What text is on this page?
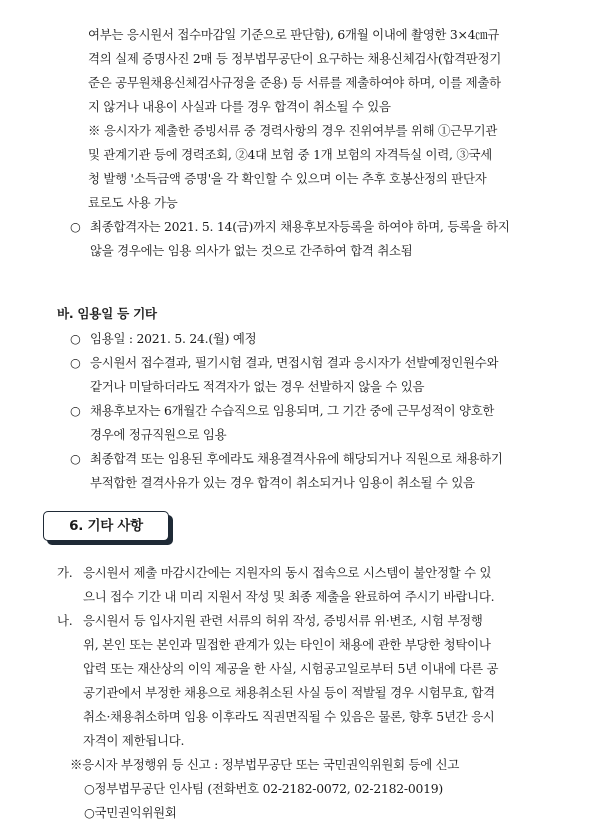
여부는 응시원서 접수마감일 기준으로 판단함), 6개월 이내에 촬영한 3×4㎝규
격의 실제 증명사진 2매 등 정부법무공단이 요구하는 채용신체검사(합격판정기
준은 공무원채용신체검사규정을 준용) 등 서류를 제출하여야 하며, 이를 제출하
지 않거나 내용이 사실과 다를 경우 합격이 취소될 수 있음
※ 응시자가 제출한 증빙서류 중 경력사항의 경우 진위여부를 위해 ①근무기관
및 관계기관 등에 경력조회, ②4대 보험 중 1개 보험의 자격득실 이력, ③국세
청 발행 '소득금액 증명'을 각 확인할 수 있으며 이는 추후 호봉산정의 판단자
료로도 사용 가능
○ 최종합격자는 2021. 5. 14(금)까지 채용후보자등록을 하여야 하며, 등록을 하지
않을 경우에는 임용 의사가 없는 것으로 간주하여 합격 취소됨
바. 임용일 등 기타
○ 임용일 : 2021. 5. 24.(월) 예정
○ 응시원서 접수결과, 필기시험 결과, 면접시험 결과 응시자가 선발예정인원수와
같거나 미달하더라도 적격자가 없는 경우 선발하지 않을 수 있음
○ 채용후보자는 6개월간 수습직으로 임용되며, 그 기간 중에 근무성적이 양호한
경우에 정규직원으로 임용
○ 최종합격 또는 임용된 후에라도 채용결격사유에 해당되거나 직원으로 채용하기
부적합한 결격사유가 있는 경우 합격이 취소되거나 임용이 취소될 수 있음
6. 기타 사항
가. 응시원서 제출 마감시간에는 지원자의 동시 접속으로 시스템이 불안정할 수 있
으니 접수 기간 내 미리 지원서 작성 및 최종 제출을 완료하여 주시기 바랍니다.
나. 응시원서 등 입사지원 관련 서류의 허위 작성, 증빙서류 위·변조, 시험 부정행
위, 본인 또는 본인과 밀접한 관계가 있는 타인이 채용에 관한 부당한 청탁이나
압력 또는 재산상의 이익 제공을 한 사실, 시험공고일로부터 5년 이내에 다른 공
공기관에서 부정한 채용으로 채용취소된 사실 등이 적발될 경우 시험무효, 합격
취소·채용취소하며 임용 이후라도 직권면직될 수 있음은 물론, 향후 5년간 응시
자격이 제한됩니다.
※응시자 부정행위 등 신고 : 정부법무공단 또는 국민권익위원회 등에 신고
○정부법무공단 인사팀 (전화번호 02-2182-0072, 02-2182-0019)
○국민권익위원회
